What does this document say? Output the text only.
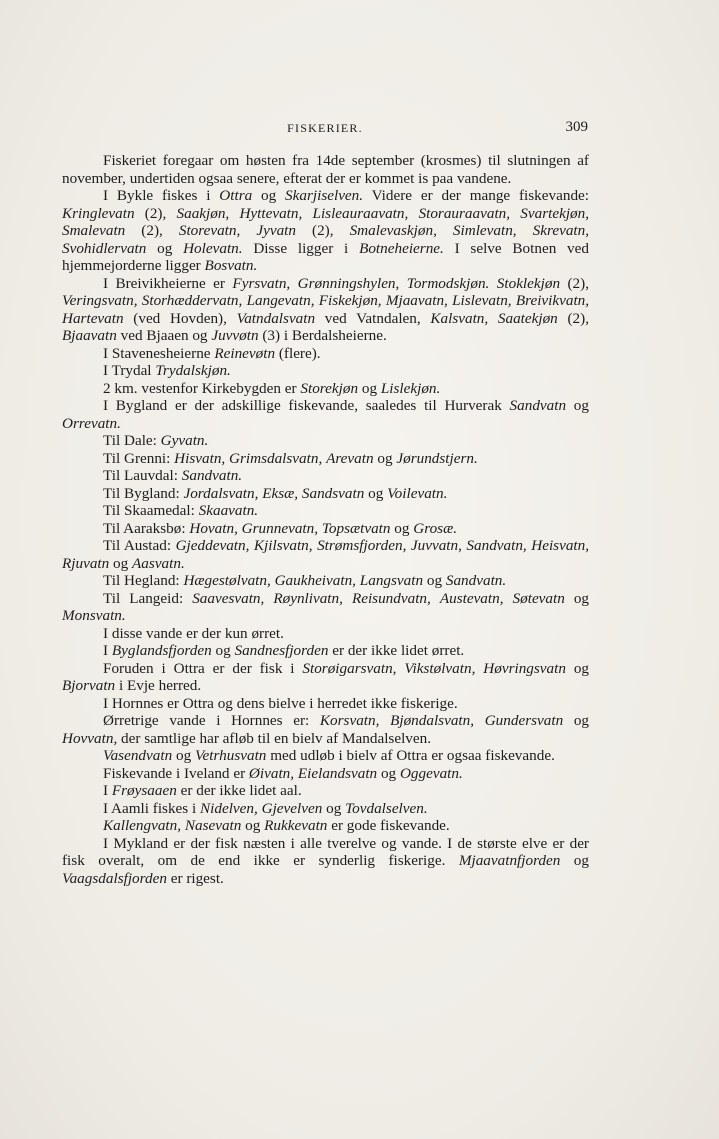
FISKERIER.	309

Fiskeriet foregaar om høsten fra 14de september (krosmes) til slutningen af november, undertiden ogsaa senere, efterat der er kommet is paa vandene.

I Bykle fiskes i Ottra og Skarjiselven. Videre er der mange fiskevande: Kringlevatn (2), Saakjøn, Hyttevatn, Lisleauraavatn, Storauraavatn, Svartekjøn, Smalevatn (2), Storevatn, Jyvatn (2), Smalevaskjøn, Simlevatn, Skrevatn, Svohidlervatn og Holevatn. Disse ligger i Botneheierne. I selve Botnen ved hjemmejorderne ligger Bosvatn.

I Breivikheierne er Fyrsvatn, Grønningshylen, Tormodskjøn. Stoklekjøn (2), Veringsvatn, Storhæddervatn, Langevatn, Fiskekjøn, Mjaavatn, Lislevatn, Breivikvatn, Hartevatn (ved Hovden), Vatndalsvatn ved Vatndalen, Kalsvatn, Saatekjøn (2), Bjaavatn ved Bjaaen og Juvvøtn (3) i Berdalsheierne.

I Stavenesheierne Reinevøtn (flere).

I Trydal Trydalskjøn.

2 km. vestenfor Kirkebygden er Storekjøn og Lislekjøn.

I Bygland er der adskillige fiskevande, saaledes til Hurverak Sandvatn og Orrevatn.

Til Dale: Gyvatn.

Til Grenni: Hisvatn, Grimsdalsvatn, Arevatn og Jørundstjern.

Til Lauvdal: Sandvatn.

Til Bygland: Jordalsvatn, Eksæ, Sandsvatn og Voilevatn.

Til Skaamedal: Skaavatn.

Til Aaraksbø: Hovatn, Grunnevatn, Topsætvatn og Grosæ.

Til Austad: Gjeddevatn, Kjilsvatn, Strømsfjorden, Juvvatn, Sandvatn, Heisvatn, Rjuvatn og Aasvatn.

Til Hegland: Hægestølvatn, Gaukheivatn, Langsvatn og Sandvatn.

Til Langeid: Saavesvatn, Røynlivatn, Reisundvatn, Austevatn, Søtevatn og Monsvatn.

I disse vande er der kun ørret.

I Byglandsfjorden og Sandnesfjorden er der ikke lidet ørret.

Foruden i Ottra er der fisk i Storøigarsvatn, Vikstølvatn, Høvringsvatn og Bjorvatn i Evje herred.

I Hornnes er Ottra og dens bielve i herredet ikke fiskerige.

Ørretrige vande i Hornnes er: Korsvatn, Bjøndalsvatn, Gundersvatn og Hovvatn, der samtlige har afløb til en bielv af Mandalselven.

Vasendvatn og Vetrhusvatn med udløb i bielv af Ottra er ogsaa fiskevande.

Fiskevande i Iveland er Øivatn, Eielandsvatn og Oggevatn.

I Frøysaaen er der ikke lidet aal.

I Aamli fiskes i Nidelven, Gjevelven og Tovdalselven.

Kallengvatn, Nasevatn og Rukkevatn er gode fiskevande.

I Mykland er der fisk næsten i alle tverelve og vande. I de største elve er der fisk overalt, om de end ikke er synderlig fiskerige. Mjaavatnfjorden og Vaagsdalsfjorden er rigest.
